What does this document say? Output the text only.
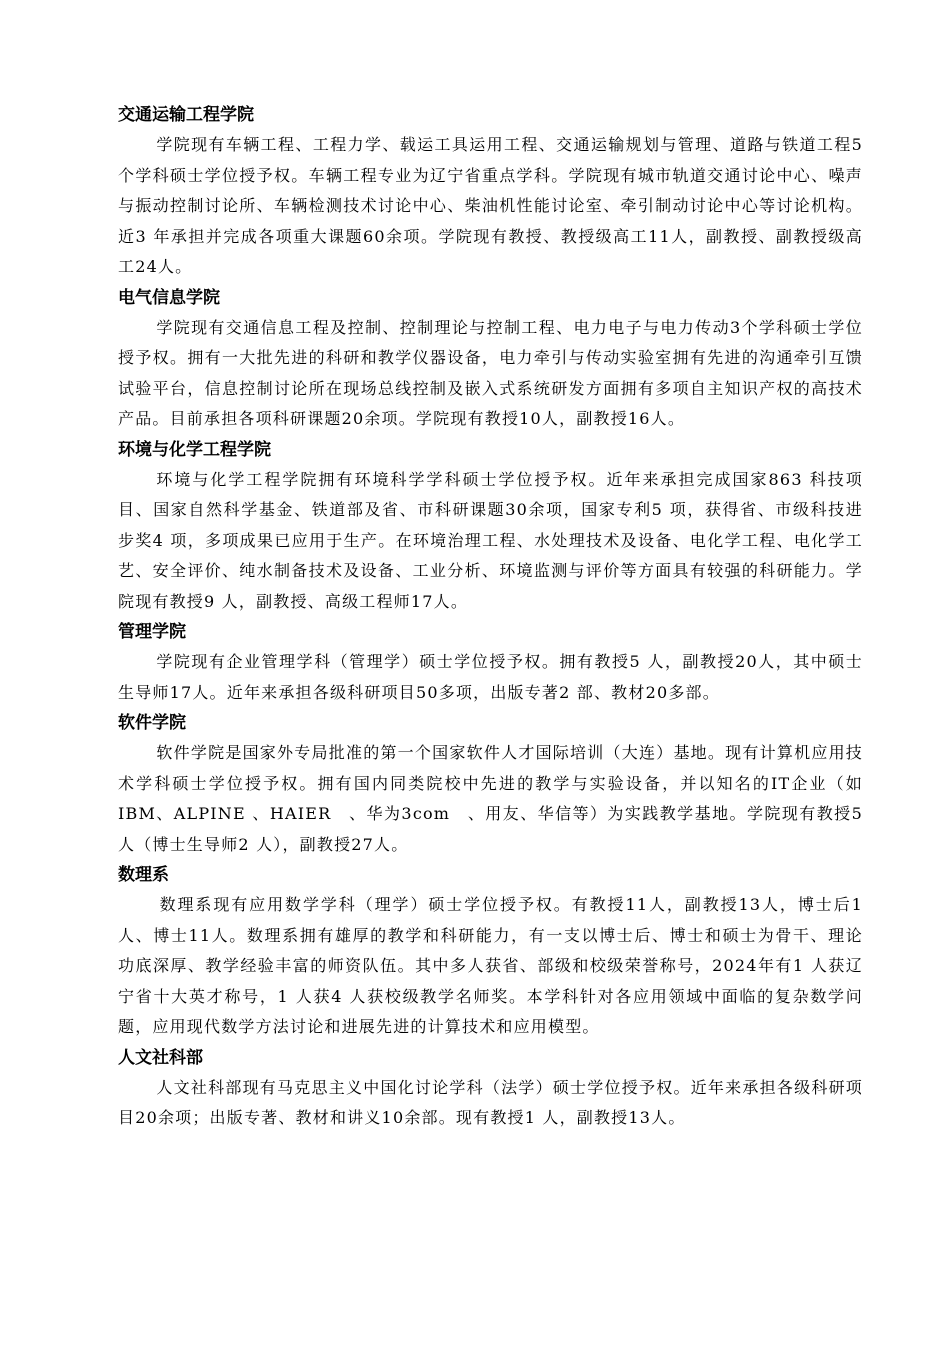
交通运输工程学院

学院现有车辆工程、工程力学、载运工具运用工程、交通运输规划与管理、道路与铁道工程5 个学科硕士学位授予权。车辆工程专业为辽宁省重点学科。学院现有城市轨道交通讨论中心、噪声与振动控制讨论所、车辆检测技术讨论中心、柴油机性能讨论室、牵引制动讨论中心等讨论机构。近3 年承担并完成各项重大课题60余项。学院现有教授、教授级高工11人，副教授、副教授级高工24人。

电气信息学院

学院现有交通信息工程及控制、控制理论与控制工程、电力电子与电力传动3个学科硕士学位授予权。拥有一大批先进的科研和教学仪器设备，电力牵引与传动实验室拥有先进的沟通牵引互馈试验平台，信息控制讨论所在现场总线控制及嵌入式系统研发方面拥有多项自主知识产权的高技术产品。目前承担各项科研课题20余项。学院现有教授10人，副教授16人。

环境与化学工程学院

环境与化学工程学院拥有环境科学学科硕士学位授予权。近年来承担完成国家863 科技项目、国家自然科学基金、铁道部及省、市科研课题30余项，国家专利5 项，获得省、市级科技进步奖4 项，多项成果已应用于生产。在环境治理工程、水处理技术及设备、电化学工程、电化学工艺、安全评价、纯水制备技术及设备、工业分析、环境监测与评价等方面具有较强的科研能力。学院现有教授9 人，副教授、高级工程师17人。

管理学院

学院现有企业管理学科（管理学）硕士学位授予权。拥有教授5 人，副教授20人，其中硕士生导师17人。近年来承担各级科研项目50多项，出版专著2 部、教材20多部。

软件学院

软件学院是国家外专局批准的第一个国家软件人才国际培训（大连）基地。现有计算机应用技术学科硕士学位授予权。拥有国内同类院校中先进的教学与实验设备，并以知名的IT企业（如IBM、ALPINE 、HAIER　、华为3com　、用友、华信等）为实践教学基地。学院现有教授5 人（博士生导师2 人），副教授27人。

数理系

数理系现有应用数学学科（理学）硕士学位授予权。有教授11人，副教授13人，博士后1 人、博士11人。数理系拥有雄厚的教学和科研能力，有一支以博士后、博士和硕士为骨干、理论功底深厚、教学经验丰富的师资队伍。其中多人获省、部级和校级荣誉称号，2024年有1 人获辽宁省十大英才称号，1 人获4 人获校级教学名师奖。本学科针对各应用领域中面临的复杂数学问题，应用现代数学方法讨论和进展先进的计算技术和应用模型。

人文社科部

人文社科部现有马克思主义中国化讨论学科（法学）硕士学位授予权。近年来承担各级科研项目20余项；出版专著、教材和讲义10余部。现有教授1 人，副教授13人。
